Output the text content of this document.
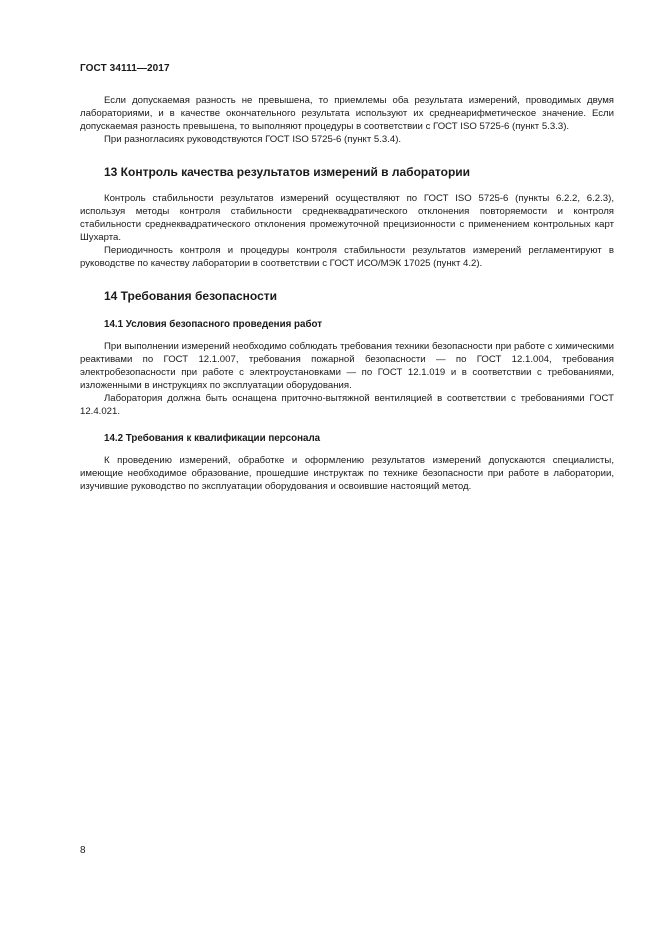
ГОСТ 34111—2017

Если допускаемая разность не превышена, то приемлемы оба результата измерений, проводимых двумя лабораториями, и в качестве окончательного результата используют их среднеарифметическое значение. Если допускаемая разность превышена, то выполняют процедуры в соответствии с ГОСТ ISO 5725-6 (пункт 5.3.3).

При разногласиях руководствуются ГОСТ ISO 5725-6 (пункт 5.3.4).

13 Контроль качества результатов измерений в лаборатории

Контроль стабильности результатов измерений осуществляют по ГОСТ ISO 5725-6 (пункты 6.2.2, 6.2.3), используя методы контроля стабильности среднеквадратического отклонения повторяемости и контроля стабильности среднеквадратического отклонения промежуточной прецизионности с применением контрольных карт Шухарта.

Периодичность контроля и процедуры контроля стабильности результатов измерений регламентируют в руководстве по качеству лаборатории в соответствии с ГОСТ ИСО/МЭК 17025 (пункт 4.2).

14 Требования безопасности
14.1 Условия безопасного проведения работ

При выполнении измерений необходимо соблюдать требования техники безопасности при работе с химическими реактивами по ГОСТ 12.1.007, требования пожарной безопасности — по ГОСТ 12.1.004, требования электробезопасности при работе с электроустановками — по ГОСТ 12.1.019 и в соответствии с требованиями, изложенными в инструкциях по эксплуатации оборудования.

Лаборатория должна быть оснащена приточно-вытяжной вентиляцией в соответствии с требованиями ГОСТ 12.4.021.

14.2 Требования к квалификации персонала

К проведению измерений, обработке и оформлению результатов измерений допускаются специалисты, имеющие необходимое образование, прошедшие инструктаж по технике безопасности при работе в лаборатории, изучившие руководство по эксплуатации оборудования и освоившие настоящий метод.

8
